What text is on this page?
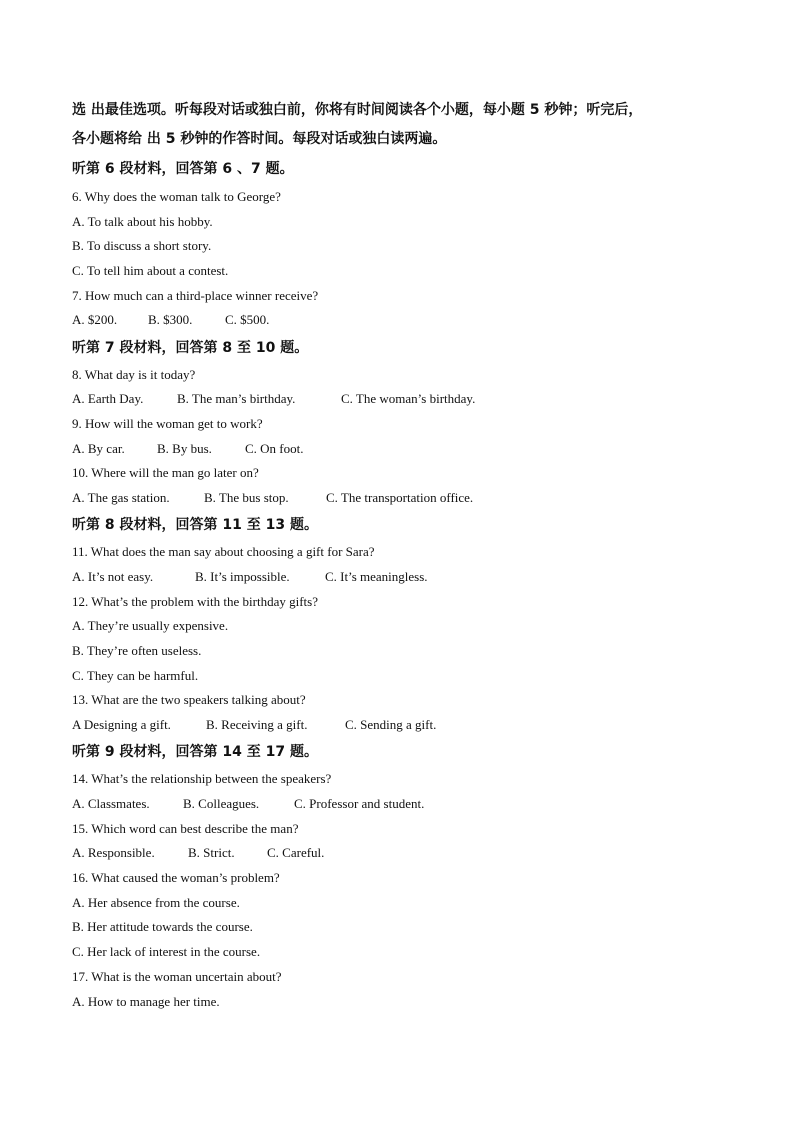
选 出最佳选项。听每段对话或独白前，你将有时间阅读各个小题，每小题 5 秒钟；听完后，
各小题将给 出 5 秒钟的作答时间。每段对话或独白读两遍。
听第 6 段材料，回答第 6 、7 题。
6. Why does the woman talk to George?
A. To talk about his hobby.
B. To discuss a short story.
C. To tell him about a contest.
7. How much can a third-place winner receive?
A. $200. B. $300.	C. $500.
听第 7 段材料，回答第 8 至 10 题。
8. What day is it today?
A. Earth Day.	B. The man’s birthday.	C. The woman’s birthday.
9. How will the woman get to work?
A. By car. B. By bus.	C. On foot.
10. Where will the man go later on?
A. The gas station.	B. The bus stop.	C. The transportation office.
听第 8 段材料，回答第 11 至 13 题。
11. What does the man say about choosing a gift for Sara?
A. It’s not easy.	B. It’s impossible.	C. It’s meaningless.
12. What’s the problem with the birthday gifts?
A. They’re usually expensive.
B. They’re often useless.
C. They can be harmful.
13. What are the two speakers talking about?
A Designing a gift.	B. Receiving a gift.	C. Sending a gift.
听第 9 段材料，回答第 14 至 17 题。
14. What’s the relationship between the speakers?
A. Classmates.	B. Colleagues.	C. Professor and student.
15. Which word can best describe the man?
A. Responsible.	B. Strict. C. Careful.
16. What caused the woman’s problem?
A. Her absence from the course.
B. Her attitude towards the course.
C. Her lack of interest in the course.
17. What is the woman uncertain about?
A. How to manage her time.
